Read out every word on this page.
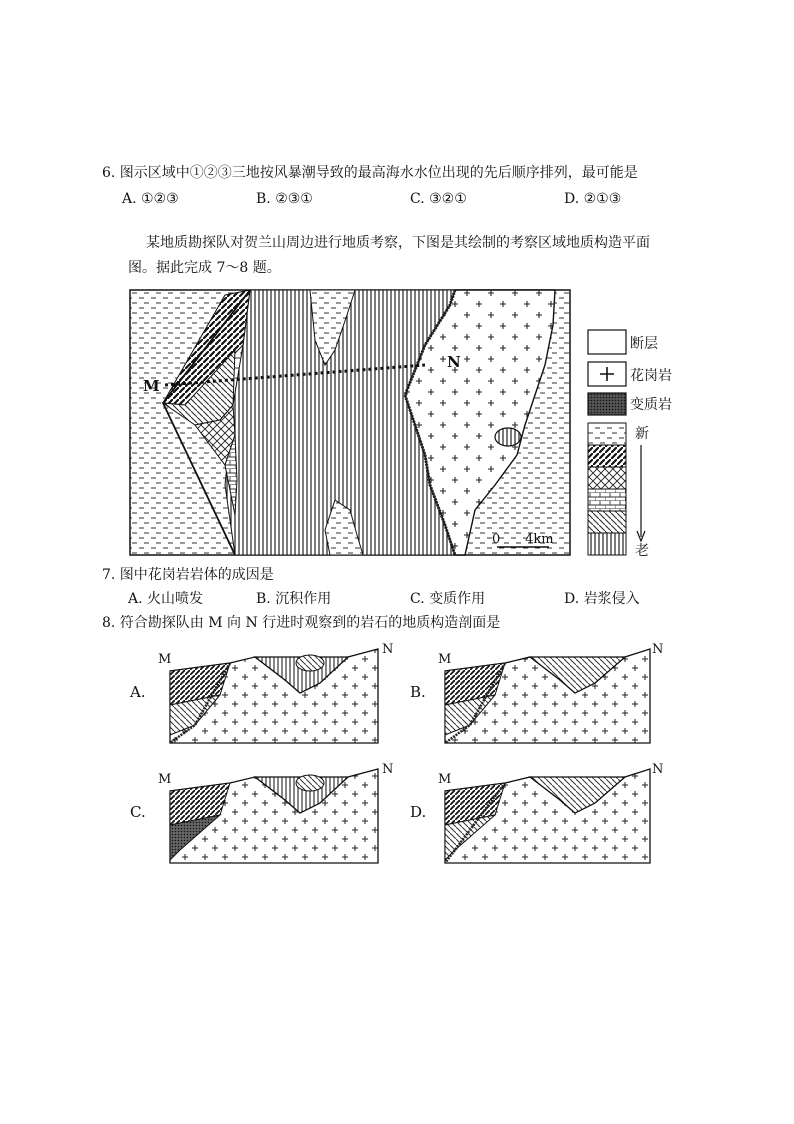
6. 图示区域中①②③三地按风暴潮导致的最高海水水位出现的先后顺序排列，最可能是
A. ①②③	B. ②③①	C. ③②①	D. ②①③
某地质勘探队对贺兰山周边进行地质考察，下图是其绘制的考察区域地质构造平面
图。据此完成 7～8 题。
M
N
0      4km
断层
花岗岩
变质岩
新
老
7. 图中花岗岩岩体的成因是
A. 火山喷发	B. 沉积作用	C. 变质作用	D. 岩浆侵入
8. 符合勘探队由 M 向 N 行进时观察到的岩石的地质构造剖面是
A.
M
N
B.
M
N
C.
M
N
D.
M
N
